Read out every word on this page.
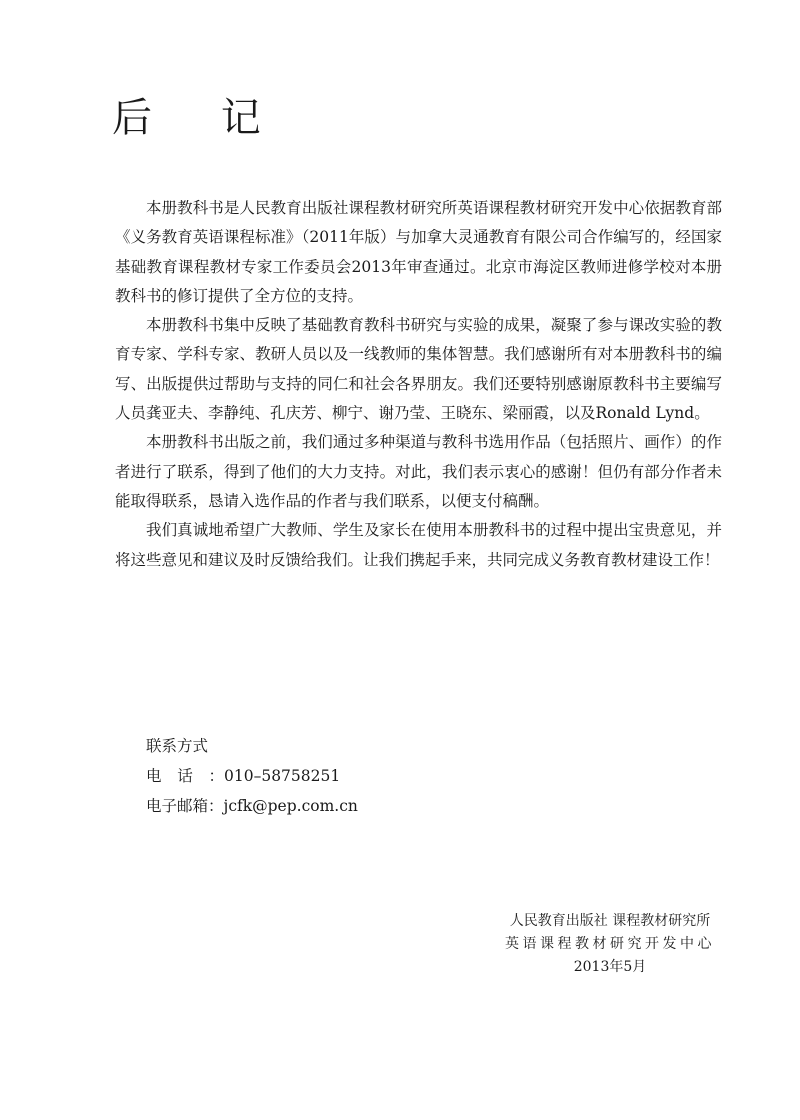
后 记

本册教科书是人民教育出版社课程教材研究所英语课程教材研究开发中心依据教育部《义务教育英语课程标准》（2011年版）与加拿大灵通教育有限公司合作编写的，经国家基础教育课程教材专家工作委员会2013年审查通过。北京市海淀区教师进修学校对本册教科书的修订提供了全方位的支持。

本册教科书集中反映了基础教育教科书研究与实验的成果，凝聚了参与课改实验的教育专家、学科专家、教研人员以及一线教师的集体智慧。我们感谢所有对本册教科书的编写、出版提供过帮助与支持的同仁和社会各界朋友。我们还要特别感谢原教科书主要编写人员龚亚夫、李静纯、孔庆芳、柳宁、谢乃莹、王晓东、梁丽霞，以及Ronald Lynd。

本册教科书出版之前，我们通过多种渠道与教科书选用作品（包括照片、画作）的作者进行了联系，得到了他们的大力支持。对此，我们表示衷心的感谢！但仍有部分作者未能取得联系，恳请入选作品的作者与我们联系，以便支付稿酬。

我们真诚地希望广大教师、学生及家长在使用本册教科书的过程中提出宝贵意见，并将这些意见和建议及时反馈给我们。让我们携起手来，共同完成义务教育教材建设工作！

联系方式
电话：010–58758251
电子邮箱：jcfk@pep.com.cn
人民教育出版社 课程教材研究所
英语课程教材研究开发中心
2013年5月
